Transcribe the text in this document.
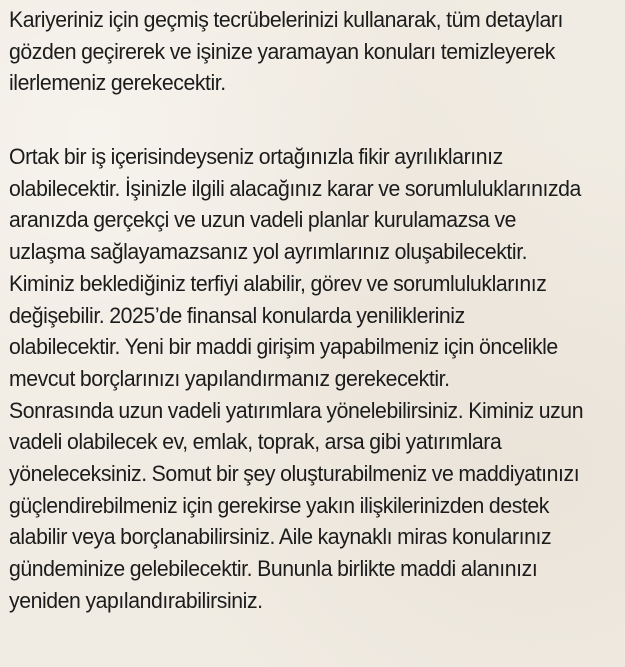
Kariyeriniz için geçmiş tecrübelerinizi kullanarak, tüm detayları
gözden geçirerek ve işinize yaramayan konuları temizleyerek
ilerlemeniz gerekecektir.

Ortak bir iş içerisindeyseniz ortağınızla fikir ayrılıklarınız
olabilecektir. İşinizle ilgili alacağınız karar ve sorumluluklarınızda
aranızda gerçekçi ve uzun vadeli planlar kurulamazsa ve
uzlaşma sağlayamazsanız yol ayrımlarınız oluşabilecektir.
Kiminiz beklediğiniz terfiyi alabilir, görev ve sorumluluklarınız
değişebilir. 2025’de finansal konularda yenilikleriniz
olabilecektir. Yeni bir maddi girişim yapabilmeniz için öncelikle
mevcut borçlarınızı yapılandırmanız gerekecektir.
Sonrasında uzun vadeli yatırımlara yönelebilirsiniz. Kiminiz uzun
vadeli olabilecek ev, emlak, toprak, arsa gibi yatırımlara
yöneleceksiniz. Somut bir şey oluşturabilmeniz ve maddiyatınızı
güçlendirebilmeniz için gerekirse yakın ilişkilerinizden destek
alabilir veya borçlanabilirsiniz. Aile kaynaklı miras konularınız
gündeminize gelebilecektir. Bununla birlikte maddi alanınızı
yeniden yapılandırabilirsiniz.
